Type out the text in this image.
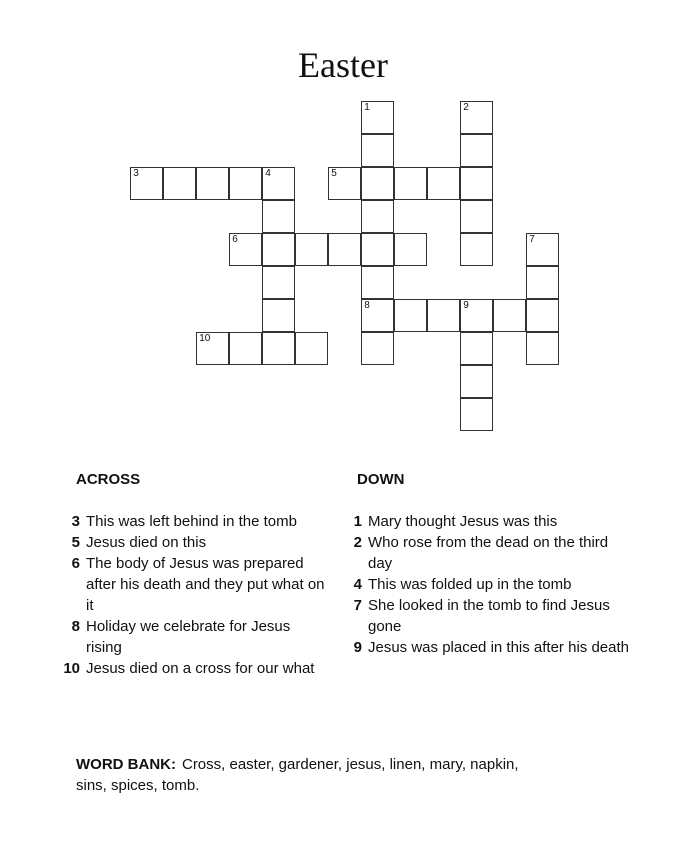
Easter
1	2
3	4	5
6	7
8	9
10
ACROSS
3 This was left behind in the tomb
5 Jesus died on this
6 The body of Jesus was prepared after his death and they put what on it
8 Holiday we celebrate for Jesus rising
10 Jesus died on a cross for our what
DOWN
1 Mary thought Jesus was this
2 Who rose from the dead on the third day
4 This was folded up in the tomb
7 She looked in the tomb to find Jesus gone
9 Jesus was placed in this after his death
WORD BANK: Cross, easter, gardener, jesus, linen, mary, napkin, sins, spices, tomb.
